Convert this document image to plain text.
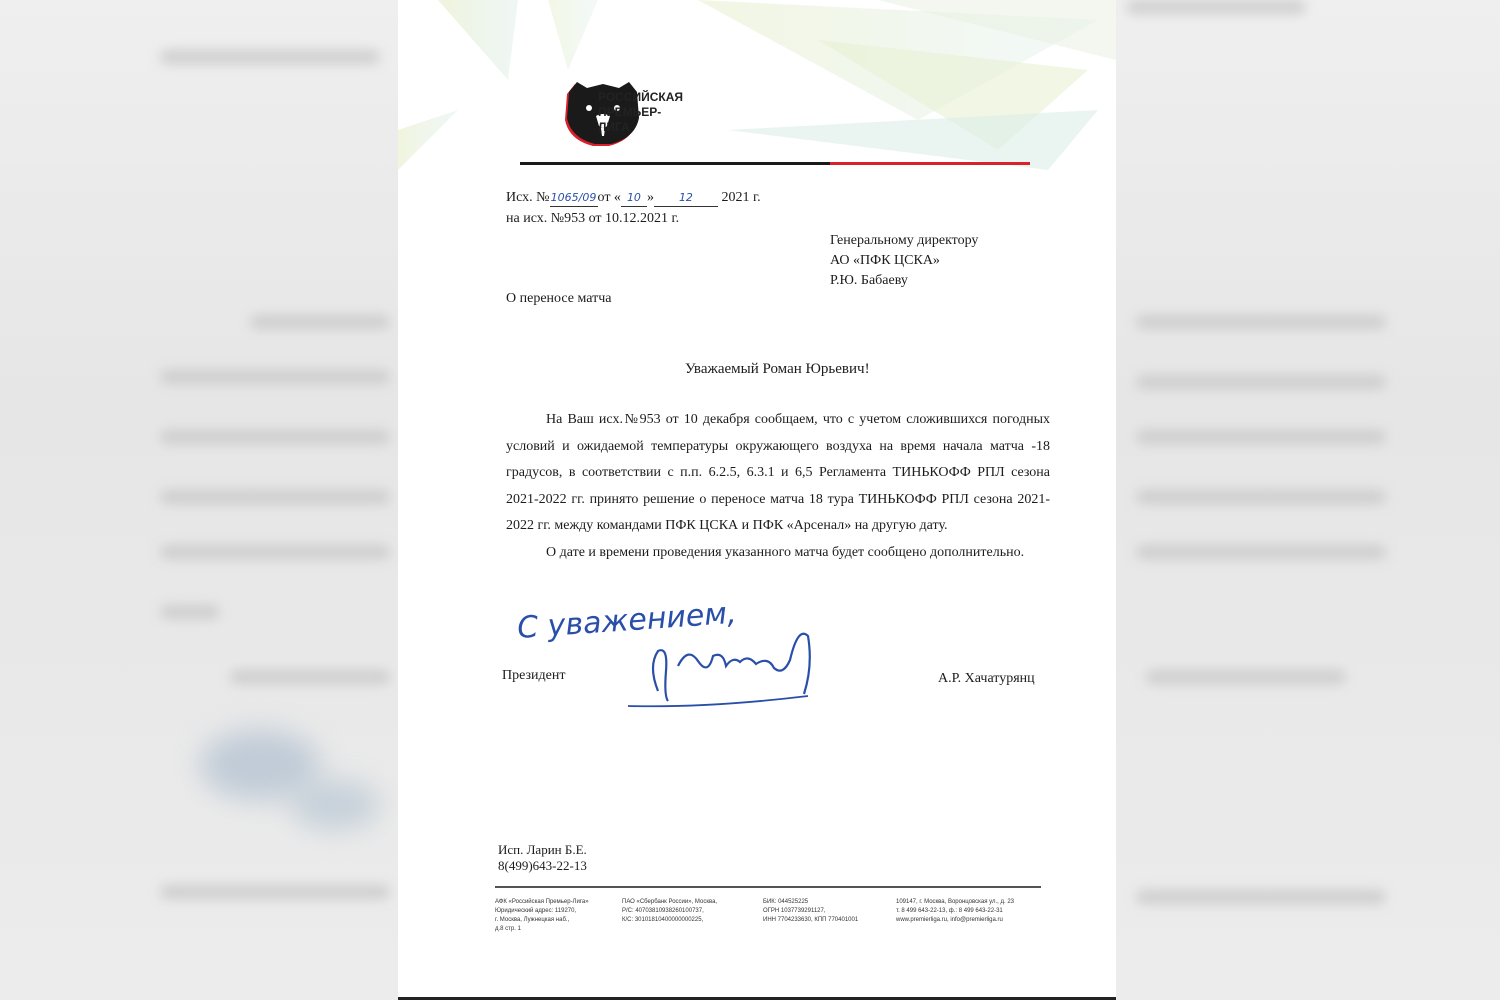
РОССИЙСКАЯ
ПРЕМЬЕР-
ЛИГА
Исх. №1065/09от « 10 » 12 2021 г.
на исх. №953 от 10.12.2021 г.
Генеральному директору
АО «ПФК ЦСКА»
Р.Ю. Бабаеву
О переносе матча
Уважаемый Роман Юрьевич!

На Ваш исх.№953 от 10 декабря сообщаем, что с учетом сложившихся погодных условий и ожидаемой температуры окружающего воздуха на время начала матча -18 градусов, в соответствии с п.п. 6.2.5, 6.3.1 и 6,5 Регламента ТИНЬКОФФ РПЛ сезона 2021-2022 гг. принято решение о переносе матча 18 тура ТИНЬКОФФ РПЛ сезона 2021-2022 гг. между командами ПФК ЦСКА и ПФК «Арсенал» на другую дату.

О дате и времени проведения указанного матча будет сообщено дополнительно.

С уважением,
Президент	А.Р. Хачатурянц
Исп. Ларин Б.Е.
8(499)643-22-13
АФК «Российская Премьер-Лига»
Юридический адрес: 119270,
г. Москва, Лужнецкая наб.,
д.8 стр. 1
ПАО «Сбербанк России», Москва,
Р/С: 40703810938260100737,
К/С: 30101810400000000225,
БИК: 044525225
ОГРН 1037739291127,
ИНН 7704233630, КПП 770401001
109147, г. Москва, Воронцовская ул., д. 23
т. 8 499 643-22-13, ф.: 8 499 643-22-31
www.premierliga.ru, info@premierliga.ru
